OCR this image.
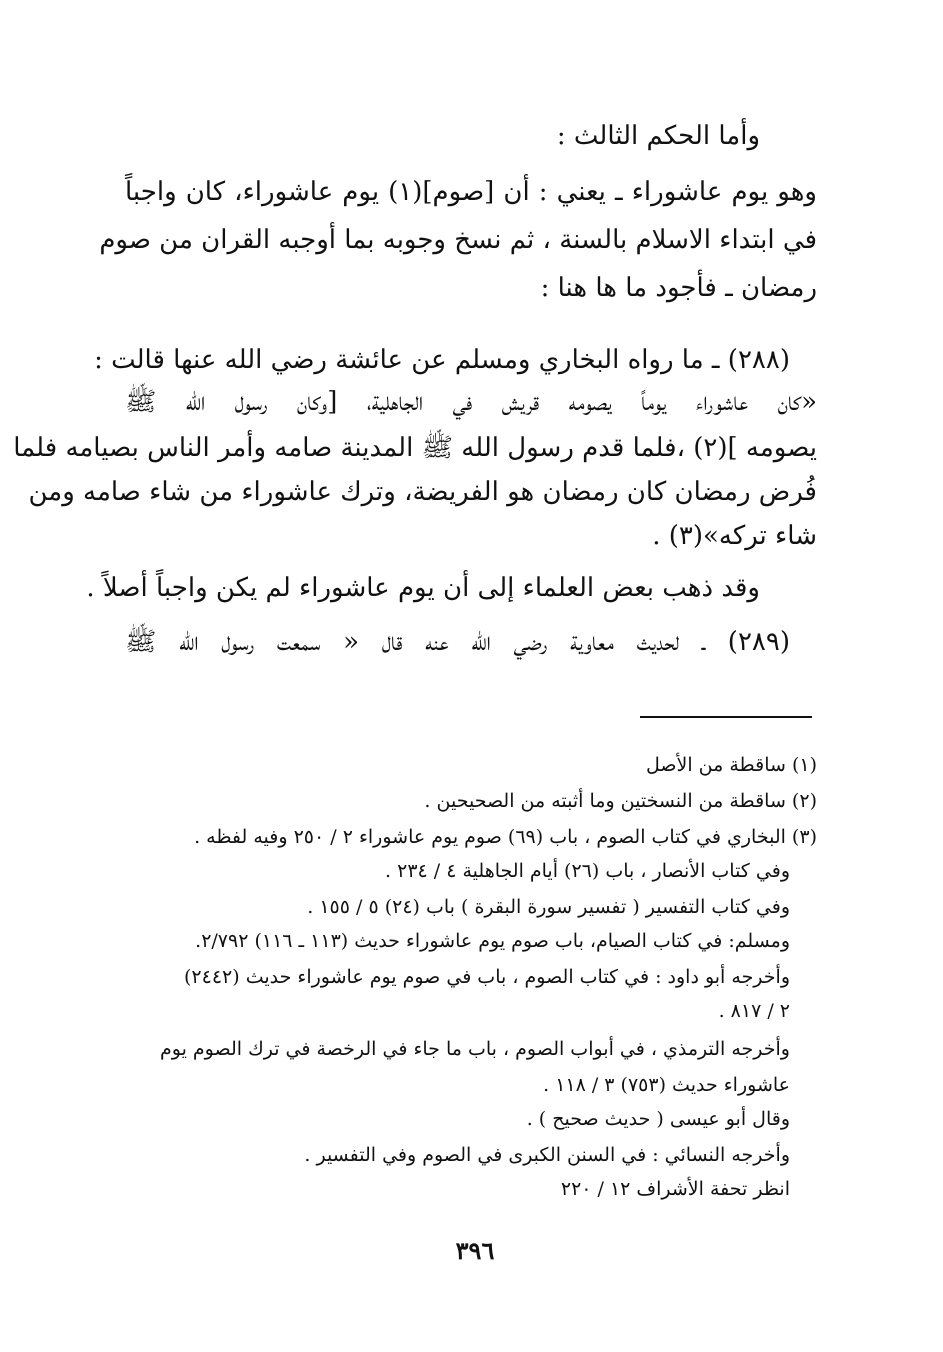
وأما الحكم الثالث :
وهو يوم عاشوراء ـ يعني : أن [صوم](١) يوم عاشوراء، كان واجباً
في ابتداء الاسلام بالسنة ، ثم نسخ وجوبه بما أوجبه القران من صوم
رمضان ـ فأجود ما ها هنا :
(٢٨٨) ـ ما رواه البخاري ومسلم عن عائشة رضي الله عنها قالت :
«كان عاشوراء يوماً يصومه قريش في الجاهلية، [وكان رسول الله ﷺ
يصومه ](٢) ،فلما قدم رسول الله ﷺ المدينة صامه وأمر الناس بصيامه فلما
فُرض رمضان كان رمضان هو الفريضة، وترك عاشوراء من شاء صامه ومن
شاء تركه»(٣) .
وقد ذهب بعض العلماء إلى أن يوم عاشوراء لم يكن واجباً أصلاً .
(٢٨٩) ـ لحديث معاوية رضي الله عنه قال « سمعت رسول الله ﷺ
(١) ساقطة من الأصل
(٢) ساقطة من النسختين وما أثبته من الصحيحين .
(٣) البخاري في كتاب الصوم ، باب (٦٩) صوم يوم عاشوراء ٢ / ٢٥٠ وفيه لفظه .
وفي كتاب الأنصار ، باب (٢٦) أيام الجاهلية ٤ / ٢٣٤ .
وفي كتاب التفسير ( تفسير سورة البقرة ) باب (٢٤) ٥ / ١٥٥ .
ومسلم: في كتاب الصيام، باب صوم يوم عاشوراء حديث (١١٣ ـ ١١٦) ٢/٧٩٢.
وأخرجه أبو داود : في كتاب الصوم ، باب في صوم يوم عاشوراء حديث (٢٤٤٢)
٢ / ٨١٧ .
وأخرجه الترمذي ، في أبواب الصوم ، باب ما جاء في الرخصة في ترك الصوم يوم
عاشوراء حديث (٧٥٣) ٣ / ١١٨ .
وقال أبو عيسى ( حديث صحيح ) .
وأخرجه النسائي : في السنن الكبرى في الصوم وفي التفسير .
انظر تحفة الأشراف ١٢ / ٢٢٠
٣٩٦
